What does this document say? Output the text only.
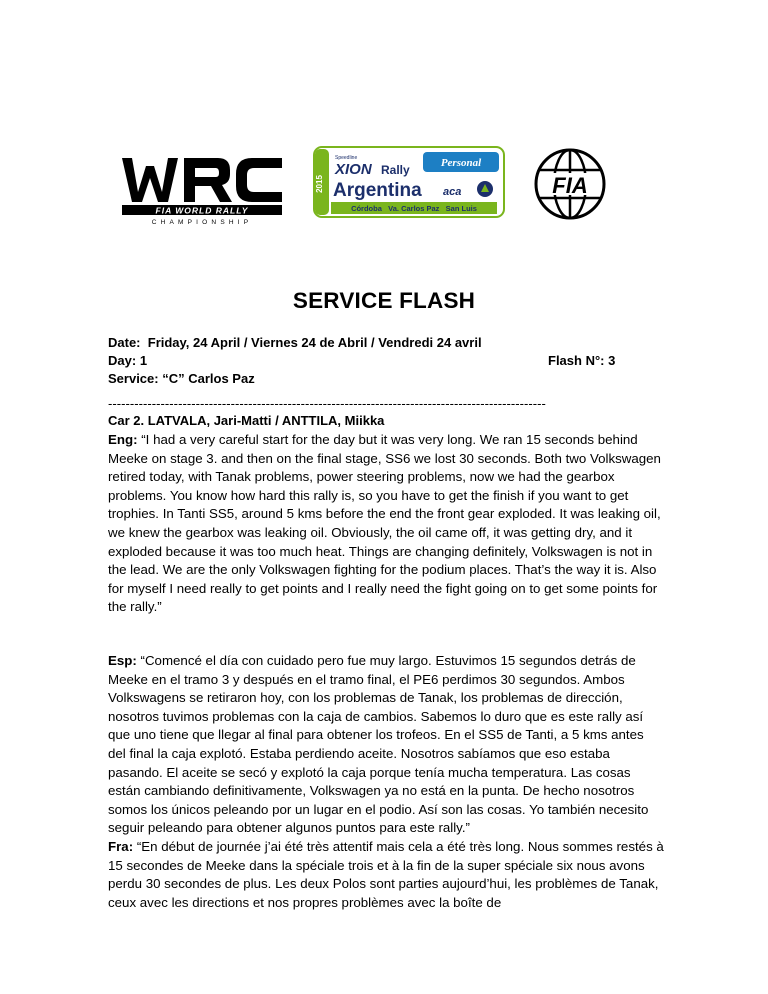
FIA WORLD RALLY
CHAMPIONSHIP
2015
Speedline
XION Rally	Personal
Argentina aca
Córdoba   Va. Carlos Paz   San Luis
FIA
SERVICE FLASH
Date: Friday, 24 April / Viernes 24 de Abril / Vendredi 24 avril
Day: 1	Flash N°: 3
Service: “C” Carlos Paz
----------------------------------------------------------------------------------------------------
Car 2. LATVALA, Jari-Matti / ANTTILA, Miikka
Eng: “I had a very careful start for the day but it was very long. We ran 15 seconds behind Meeke on stage 3. and then on the final stage, SS6 we lost 30 seconds. Both two Volkswagen retired today, with Tanak problems, power steering problems, now we had the gearbox problems. You know how hard this rally is, so you have to get the finish if you want to get trophies. In Tanti SS5, around 5 kms before the end the front gear exploded. It was leaking oil, we knew the gearbox was leaking oil. Obviously, the oil came off, it was getting dry, and it exploded because it was too much heat. Things are changing definitely, Volkswagen is not in the lead. We are the only Volkswagen fighting for the podium places. That’s the way it is. Also for myself I need really to get points and I really need the fight going on to get some points for the rally.”
Esp: “Comencé el día con cuidado pero fue muy largo. Estuvimos 15 segundos detrás de Meeke en el tramo 3 y después en el tramo final, el PE6 perdimos 30 segundos. Ambos Volkswagens se retiraron hoy, con los problemas de Tanak, los problemas de dirección, nosotros tuvimos problemas con la caja de cambios. Sabemos lo duro que es este rally así que uno tiene que llegar al final para obtener los trofeos. En el SS5 de Tanti, a 5 kms antes del final la caja explotó. Estaba perdiendo aceite. Nosotros sabíamos que eso estaba pasando. El aceite se secó y explotó la caja porque tenía mucha temperatura. Las cosas están cambiando definitivamente, Volkswagen ya no está en la punta. De hecho nosotros somos los únicos peleando por un lugar en el podio. Así son las cosas. Yo también necesito seguir peleando para obtener algunos puntos para este rally.”
Fra: “En début de journée j’ai été très attentif mais cela a été très long. Nous sommes restés à 15 secondes de Meeke dans la spéciale trois et à la fin de la super spéciale six nous avons perdu 30 secondes de plus. Les deux Polos sont parties aujourd’hui, les problèmes de Tanak, ceux avec les directions et nos propres problèmes avec la boîte de
